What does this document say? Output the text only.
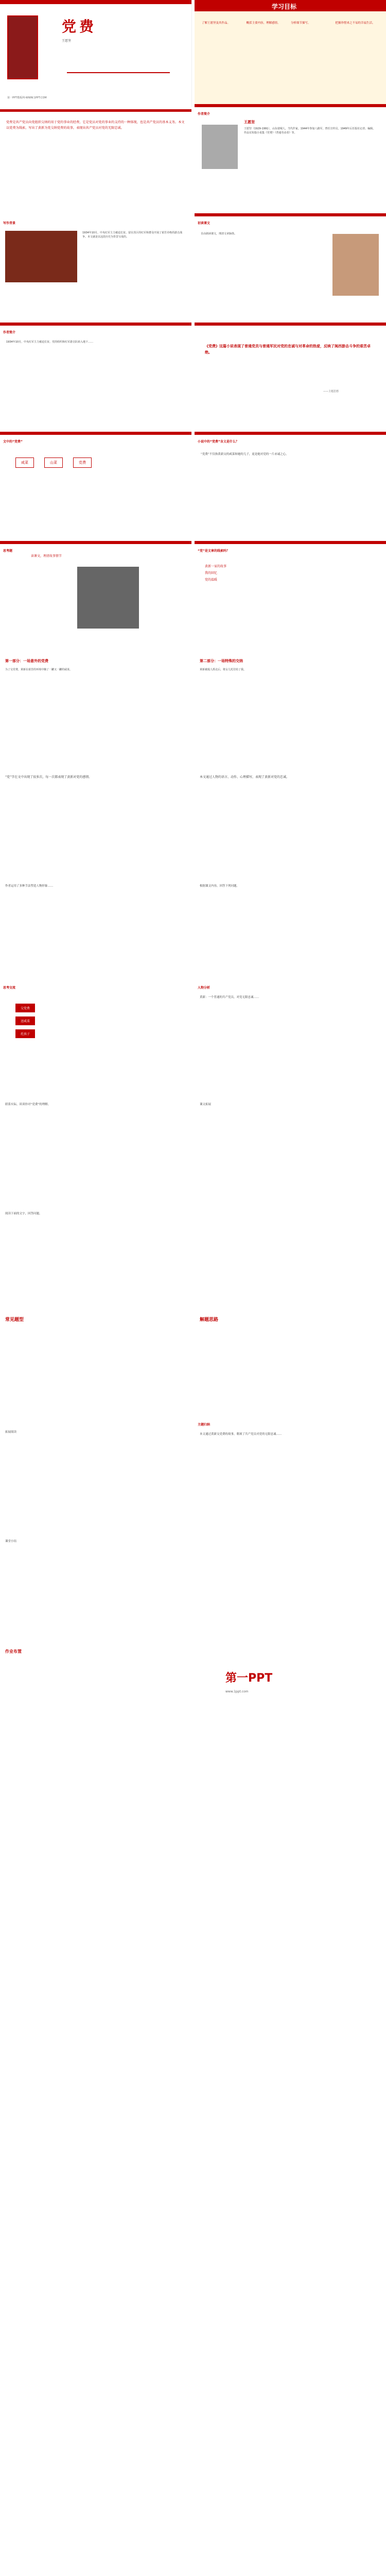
党费
王愿坚
第一PPT模板网-WWW.1PPT.COM
学习目标
了解王愿坚及其作品。	概括主要内容，理解感情。	分析细节描写。	把握珍惜来之不易的幸福生活。
党费是共产党员向党组织交纳的用于党的事业的经费，它是党员对党的事业的支持的一种体现，也是共产党员的基本义务。本文以党费为线索，写出了黄新为党交纳党费的故事，表现出共产党员对党的无限忠诚。
作者简介
王愿坚
王愿坚（1929-1991），山东诸城人。当代作家。1944年参加八路军，曾任宣传员，1949年后任报社记者、编辑。作品有短篇小说集《党费》《普通劳动者》等。
写作背景
1934年10月，中央红军主力被迫长征。留在苏区的红军和群众开展了艰苦卓绝的游击战争。本文就是以这段历史为背景写成的。
初读课文
自由朗读课文，理清文章脉络。
作者简介
1934年10月，中央红军主力被迫长征，党的组织和红军游击队转入地下……
《党费》这篇小说表现了普通党员与普通军民对党的忠诚与对革命的热爱，反映了闽西游击斗争的艰苦卓绝。
——主题思想
文中的“党费”
咸菜	山菜	党费
小说中的“党费”含义是什么？
“党费”不仅指黄新交的咸菜和她的儿子，更是她对党的一片赤诚之心。
思考题
读课文，理清故事情节
“党”是文章的线索吗？
黄新一家的故事
我的回忆
党的温暖
第一部分：一场意外的党费
为了交党费，黄新在艰苦的环境中腌了一罐又一罐的咸菜。
第二部分：一场特殊的交纳
黄新被敌人抓走后，将女儿托付给了我。
“党”字在文中出现了很多次，每一次都表现了黄新对党的感情。	本文通过人物的语言、动作、心理描写，表现了黄新对党的忠诚。
作者运用了多种手法塑造人物形象……	根据课文内容，回答下列问题。
思考交流
交党费
送咸菜
托孩子
人物分析
黄新：一个普通的共产党员，对党无限忠诚……
联系实际，谈谈你对“党费”的理解。	课文拓展
阅读下面的文字，回答问题。
常见题型	解题思路
拓展阅读
主题归纳
本文通过黄新交党费的故事，歌颂了共产党员对党的无限忠诚……
课堂小结
作业布置
第一PPT
www.1ppt.com
